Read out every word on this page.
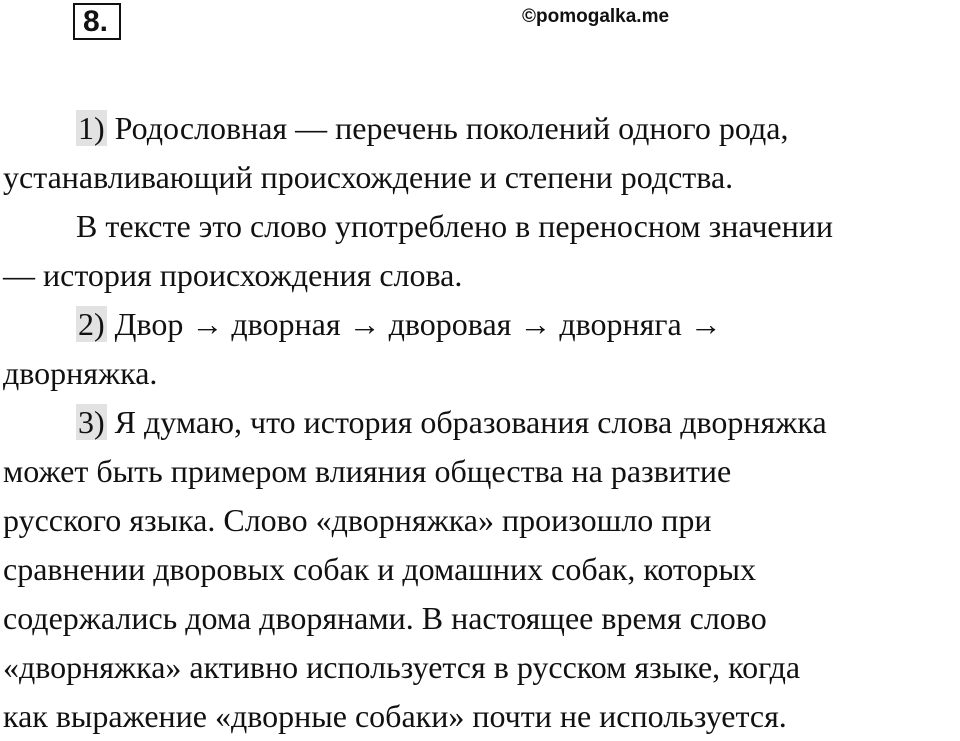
8.	©pomogalka.me

1) Родословная — перечень поколений одного рода,
устанавливающий происхождение и степени родства.

В тексте это слово употреблено в переносном значении
— история происхождения слова.

2) Двор → дворная → дворовая → дворняга →
дворняжка.

3) Я думаю, что история образования слова дворняжка
может быть примером влияния общества на развитие
русского языка. Слово «дворняжка» произошло при
сравнении дворовых собак и домашних собак, которых
содержались дома дворянами. В настоящее время слово
«дворняжка» активно используется в русском языке, когда
как выражение «дворные собаки» почти не используется.
